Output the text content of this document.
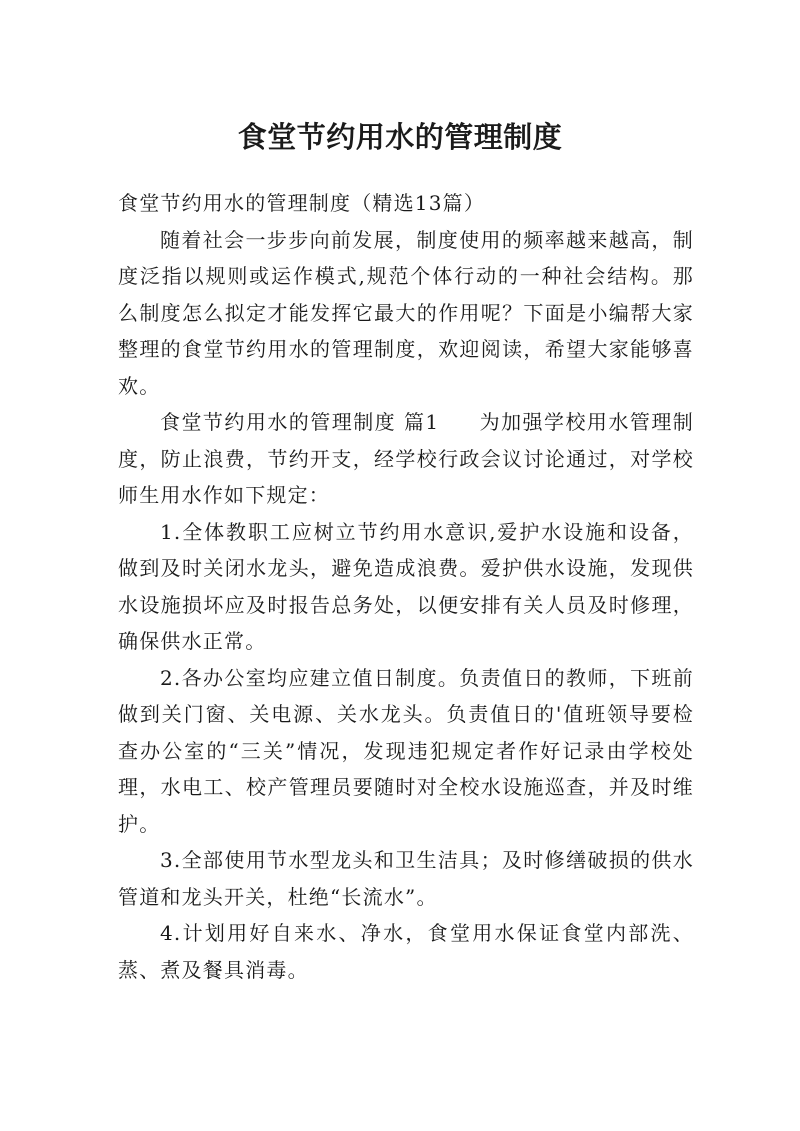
食堂节约用水的管理制度

食堂节约用水的管理制度（精选13篇）

随着社会一步步向前发展，制度使用的频率越来越高，制度泛指以规则或运作模式,规范个体行动的一种社会结构。那么制度怎么拟定才能发挥它最大的作用呢？下面是小编帮大家整理的食堂节约用水的管理制度，欢迎阅读，希望大家能够喜欢。

食堂节约用水的管理制度 篇1 为加强学校用水管理制度，防止浪费，节约开支，经学校行政会议讨论通过，对学校师生用水作如下规定：

1.全体教职工应树立节约用水意识,爱护水设施和设备，做到及时关闭水龙头，避免造成浪费。爱护供水设施，发现供水设施损坏应及时报告总务处，以便安排有关人员及时修理，确保供水正常。

2.各办公室均应建立值日制度。负责值日的教师，下班前做到关门窗、关电源、关水龙头。负责值日的'值班领导要检查办公室的“三关”情况，发现违犯规定者作好记录由学校处理，水电工、校产管理员要随时对全校水设施巡查，并及时维护。

3.全部使用节水型龙头和卫生洁具；及时修缮破损的供水管道和龙头开关，杜绝“长流水”。

4.计划用好自来水、净水，食堂用水保证食堂内部洗、蒸、煮及餐具消毒。
